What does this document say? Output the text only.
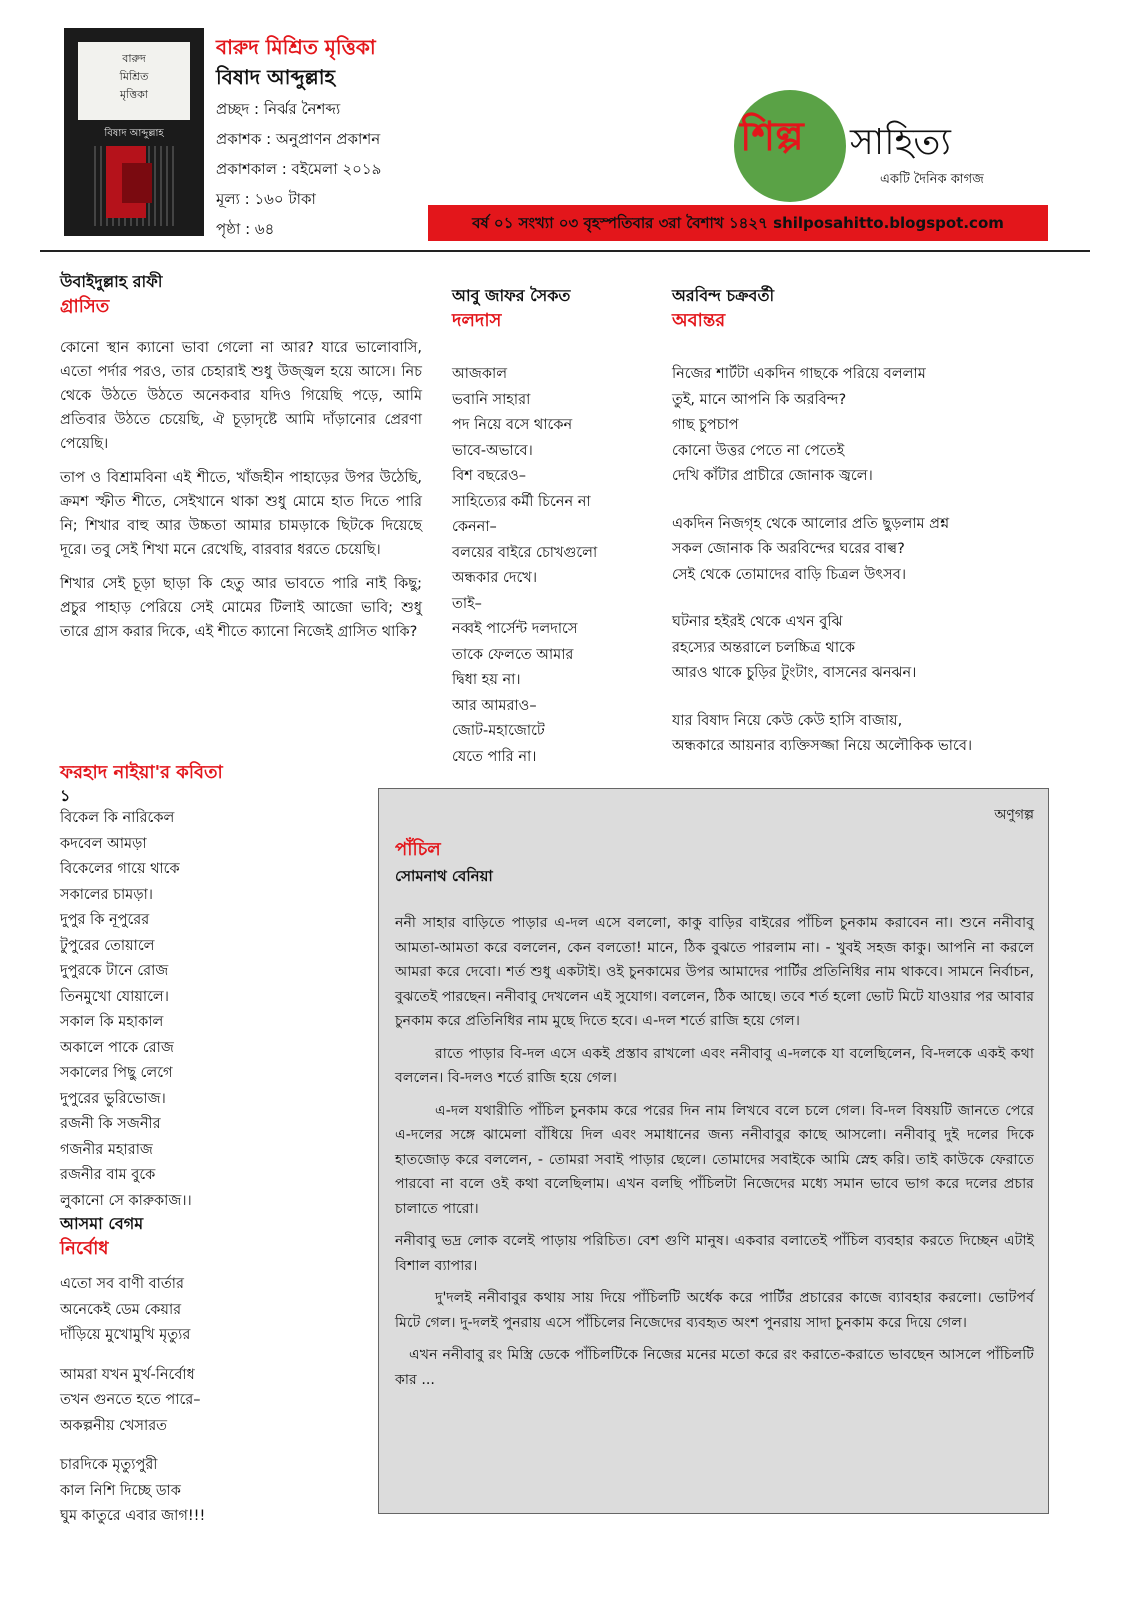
বারুদ
মিশ্রিত
মৃত্তিকা
বিষাদ আব্দুল্লাহ
বারুদ মিশ্রিত মৃত্তিকা
বিষাদ আব্দুল্লাহ
প্রচ্ছদ : নির্ঝর নৈশব্দ্য
প্রকাশক : অনুপ্রাণন প্রকাশন
প্রকাশকাল : বইমেলা ২০১৯
মূল্য : ১৬০ টাকা
পৃষ্ঠা : ৬৪
শিল্প	সাহিত্য
একটি দৈনিক কাগজ
বর্ষ ০১ সংখ্যা ০৩ বৃহস্পতিবার ৩রা বৈশাখ ১৪২৭ shilposahitto.blogspot.com
উবাইদুল্লাহ রাফী
গ্রাসিত

কোনো স্থান ক্যানো ভাবা গেলো না আর? যারে ভালোবাসি, এতো পর্দার পরও, তার চেহারাই শুধু উজ্জ্বল হয়ে আসে। নিচ থেকে উঠতে উঠতে অনেকবার যদিও গিয়েছি পড়ে, আমি প্রতিবার উঠতে চেয়েছি, ঐ চূড়াদৃষ্টে আমি দাঁড়ানোর প্রেরণা পেয়েছি।

তাপ ও বিশ্রামবিনা এই শীতে, খাঁজহীন পাহাড়ের উপর উঠেছি, ক্রমশ স্ফীত শীতে, সেইখানে থাকা শুধু মোমে হাত দিতে পারি নি; শিখার বাহু আর উচ্চতা আমার চামড়াকে ছিটকে দিয়েছে দূরে। তবু সেই শিখা মনে রেখেছি, বারবার ধরতে চেয়েছি।

শিখার সেই চূড়া ছাড়া কি হেতু আর ভাবতে পারি নাই কিছু; প্রচুর পাহাড় পেরিয়ে সেই মোমের টিলাই আজো ভাবি; শুধু তারে গ্রাস করার দিকে, এই শীতে ক্যানো নিজেই গ্রাসিত থাকি?

ফরহাদ নাইয়া'র কবিতা
১
বিকেল কি নারিকেল
কদবেল আমড়া
বিকেলের গায়ে থাকে
সকালের চামড়া।
দুপুর কি নূপুরের
টুপুরের তোয়ালে
দুপুরকে টানে রোজ
তিনমুখো যোয়ালে।
সকাল কি মহাকাল
অকালে পাকে রোজ
সকালের পিছু লেগে
দুপুরের ভুরিভোজ।
রজনী কি সজনীর
গজনীর মহারাজ
রজনীর বাম বুকে
লুকানো সে কারুকাজ।।
আসমা বেগম
নির্বোধ
এতো সব বাণী বার্তার
অনেকেই ডেম কেয়ার
দাঁড়িয়ে মুখোমুখি মৃত্যুর
আমরা যখন মুর্খ-নির্বোধ
তখন গুনতে হতে পারে–
অকল্পনীয় খেসারত
চারদিকে মৃত্যুপুরী
কাল নিশি দিচ্ছে ডাক
ঘুম কাতুরে এবার জাগ!!!
আবু জাফর সৈকত
দলদাস
আজকাল
ভবানি সাহারা
পদ নিয়ে বসে থাকেন
ভাবে-অভাবে।
বিশ বছরেও–
সাহিত্যের কর্মী চিনেন না
কেননা–
বলয়ের বাইরে চোখগুলো
অন্ধকার দেখে।
তাই–
নব্বই পার্সেন্ট দলদাসে
তাকে ফেলতে আমার
দ্বিধা হয় না।
আর আমরাও–
জোট-মহাজোটে
যেতে পারি না।
অরবিন্দ চক্রবর্তী
অবান্তর
নিজের শার্টটা একদিন গাছকে পরিয়ে বললাম
তুই, মানে আপনি কি অরবিন্দ?
গাছ চুপচাপ
কোনো উত্তর পেতে না পেতেই
দেখি কাঁটার প্রাচীরে জোনাক জ্বলে।
একদিন নিজগৃহ থেকে আলোর প্রতি ছুড়লাম প্রশ্ন
সকল জোনাক কি অরবিন্দের ঘরের বাল্ব?
সেই থেকে তোমাদের বাড়ি চিত্রল উৎসব।
ঘটনার হইরই থেকে এখন বুঝি
রহস্যের অন্তরালে চলচ্চিত্র থাকে
আরও থাকে চুড়ির টুংটাং, বাসনের ঝনঝন।
যার বিষাদ নিয়ে কেউ কেউ হাসি বাজায়,
অন্ধকারে আয়নার ব্যক্তিসজ্জা নিয়ে অলৌকিক ভাবে।
অণুগল্প
পাঁচিল
সোমনাথ বেনিয়া

ননী সাহার বাড়িতে পাড়ার এ-দল এসে বললো, কাকু বাড়ির বাইরের পাঁচিল চুনকাম করাবেন না। শুনে ননীবাবু আমতা-আমতা করে বললেন, কেন বলতো! মানে, ঠিক বুঝতে পারলাম না। - খুবই সহজ কাকু। আপনি না করলে আমরা করে দেবো। শর্ত শুধু একটাই। ওই চুনকামের উপর আমাদের পার্টির প্রতিনিধির নাম থাকবে। সামনে নির্বাচন, বুঝতেই পারছেন। ননীবাবু দেখলেন এই সুযোগ। বললেন, ঠিক আছে। তবে শর্ত হলো ভোট মিটে যাওয়ার পর আবার চুনকাম করে প্রতিনিধির নাম মুছে দিতে হবে। এ-দল শর্তে রাজি হয়ে গেল।

রাতে পাড়ার বি-দল এসে একই প্রস্তাব রাখলো এবং ননীবাবু এ-দলকে যা বলেছিলেন, বি-দলকে একই কথা বললেন। বি-দলও শর্তে রাজি হয়ে গেল।

এ-দল যথারীতি পাঁচিল চুনকাম করে পরের দিন নাম লিখবে বলে চলে গেল। বি-দল বিষয়টি জানতে পেরে এ-দলের সঙ্গে ঝামেলা বাঁধিয়ে দিল এবং সমাধানের জন্য ননীবাবুর কাছে আসলো। ননীবাবু দুই দলের দিকে হাতজোড় করে বললেন, - তোমরা সবাই পাড়ার ছেলে। তোমাদের সবাইকে আমি স্নেহ করি। তাই কাউকে ফেরাতে পারবো না বলে ওই কথা বলেছিলাম। এখন বলছি পাঁচিলটা নিজেদের মধ্যে সমান ভাবে ভাগ করে দলের প্রচার চালাতে পারো।

ননীবাবু ভদ্র লোক বলেই পাড়ায় পরিচিত। বেশ গুণি মানুষ। একবার বলাতেই পাঁচিল ব্যবহার করতে দিচ্ছেন এটাই বিশাল ব্যাপার।

দু'দলই ননীবাবুর কথায় সায় দিয়ে পাঁচিলটি অর্ধেক করে পার্টির প্রচারের কাজে ব্যাবহার করলো। ভোটপর্ব মিটে গেল। দু-দলই পুনরায় এসে পাঁচিলের নিজেদের ব্যবহৃত অংশ পুনরায় সাদা চুনকাম করে দিয়ে গেল।

এখন ননীবাবু রং মিস্ত্রি ডেকে পাঁচিলটিকে নিজের মনের মতো করে রং করাতে-করাতে ভাবছেন আসলে পাঁচিলটি কার ...
